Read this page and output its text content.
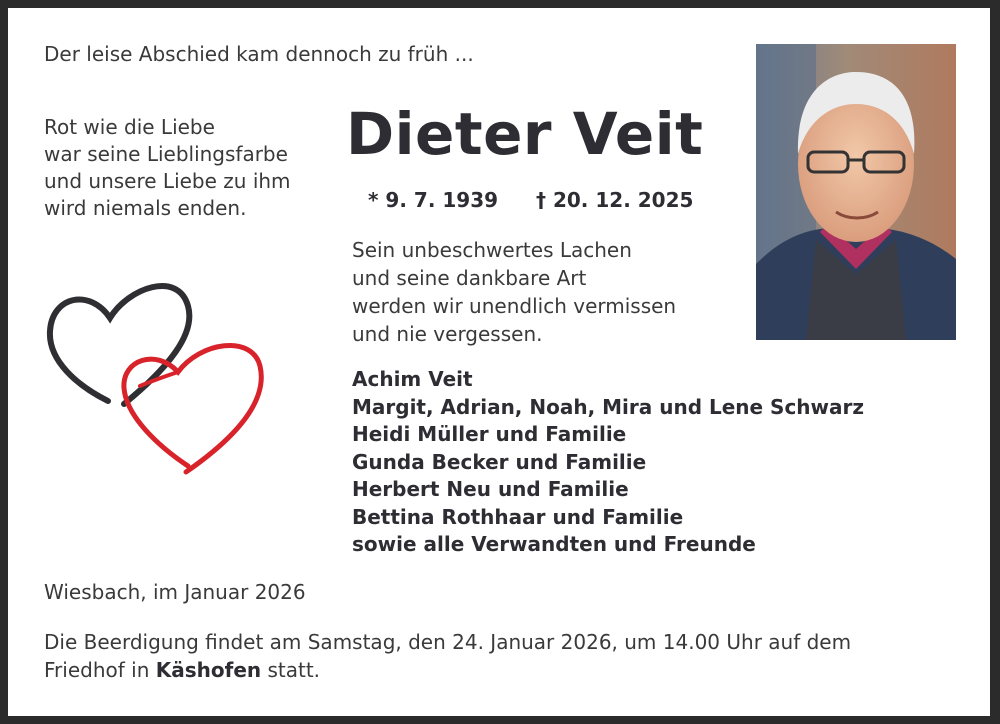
Der leise Abschied kam dennoch zu früh ...
Rot wie die Liebe
war seine Lieblingsfarbe
und unsere Liebe zu ihm
wird niemals enden.
Dieter Veit
* 9. 7. 1939 † 20. 12. 2025
Sein unbeschwertes Lachen
und seine dankbare Art
werden wir unendlich vermissen
und nie vergessen.
Achim Veit
Margit, Adrian, Noah, Mira und Lene Schwarz
Heidi Müller und Familie
Gunda Becker und Familie
Herbert Neu und Familie
Bettina Rothhaar und Familie
sowie alle Verwandten und Freunde
Wiesbach, im Januar 2026
Die Beerdigung findet am Samstag, den 24. Januar 2026, um 14.00 Uhr auf dem
Friedhof in Käshofen statt.
